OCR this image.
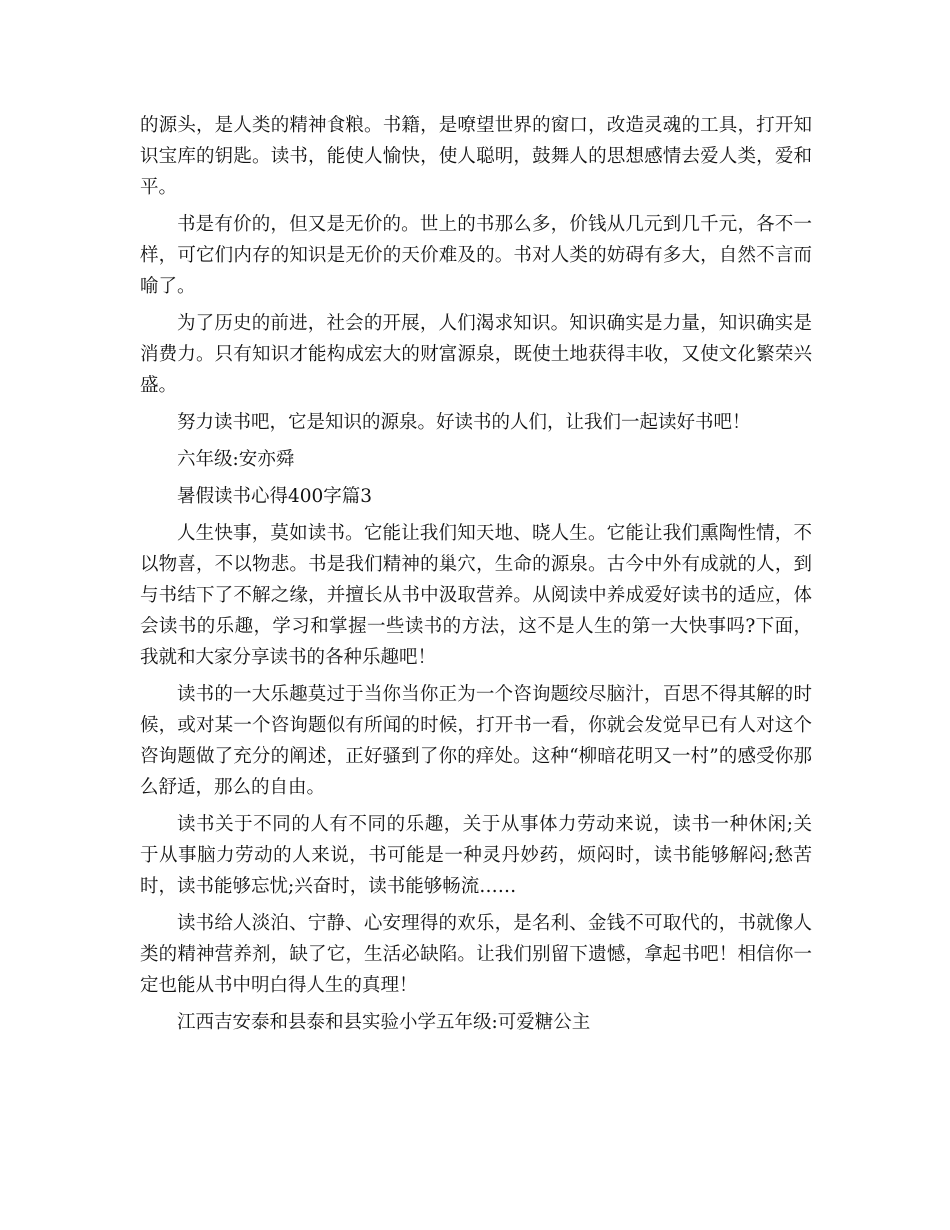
的源头，是人类的精神食粮。书籍，是嘹望世界的窗口，改造灵魂的工具，打开知识宝库的钥匙。读书，能使人愉快，使人聪明，鼓舞人的思想感情去爱人类，爱和平。

书是有价的，但又是无价的。世上的书那么多，价钱从几元到几千元，各不一样，可它们内存的知识是无价的天价难及的。书对人类的妨碍有多大，自然不言而喻了。

为了历史的前进，社会的开展，人们渴求知识。知识确实是力量，知识确实是消费力。只有知识才能构成宏大的财富源泉，既使土地获得丰收，又使文化繁荣兴盛。

努力读书吧，它是知识的源泉。好读书的人们，让我们一起读好书吧！

六年级:安亦舜

暑假读书心得400字篇3

人生快事，莫如读书。它能让我们知天地、晓人生。它能让我们熏陶性情，不以物喜，不以物悲。书是我们精神的巢穴，生命的源泉。古今中外有成就的人，到与书结下了不解之缘，并擅长从书中汲取营养。从阅读中养成爱好读书的适应，体会读书的乐趣，学习和掌握一些读书的方法，这不是人生的第一大快事吗?下面，我就和大家分享读书的各种乐趣吧！

读书的一大乐趣莫过于当你当你正为一个咨询题绞尽脑汁，百思不得其解的时候，或对某一个咨询题似有所闻的时候，打开书一看，你就会发觉早已有人对这个咨询题做了充分的阐述，正好骚到了你的痒处。这种“柳暗花明又一村”的感受你那么舒适，那么的自由。

读书关于不同的人有不同的乐趣，关于从事体力劳动来说，读书一种休闲;关于从事脑力劳动的人来说，书可能是一种灵丹妙药，烦闷时，读书能够解闷;愁苦时，读书能够忘忧;兴奋时，读书能够畅流……

读书给人淡泊、宁静、心安理得的欢乐，是名利、金钱不可取代的，书就像人类的精神营养剂，缺了它，生活必缺陷。让我们别留下遗憾，拿起书吧！相信你一定也能从书中明白得人生的真理！

江西吉安泰和县泰和县实验小学五年级:可爱糖公主
